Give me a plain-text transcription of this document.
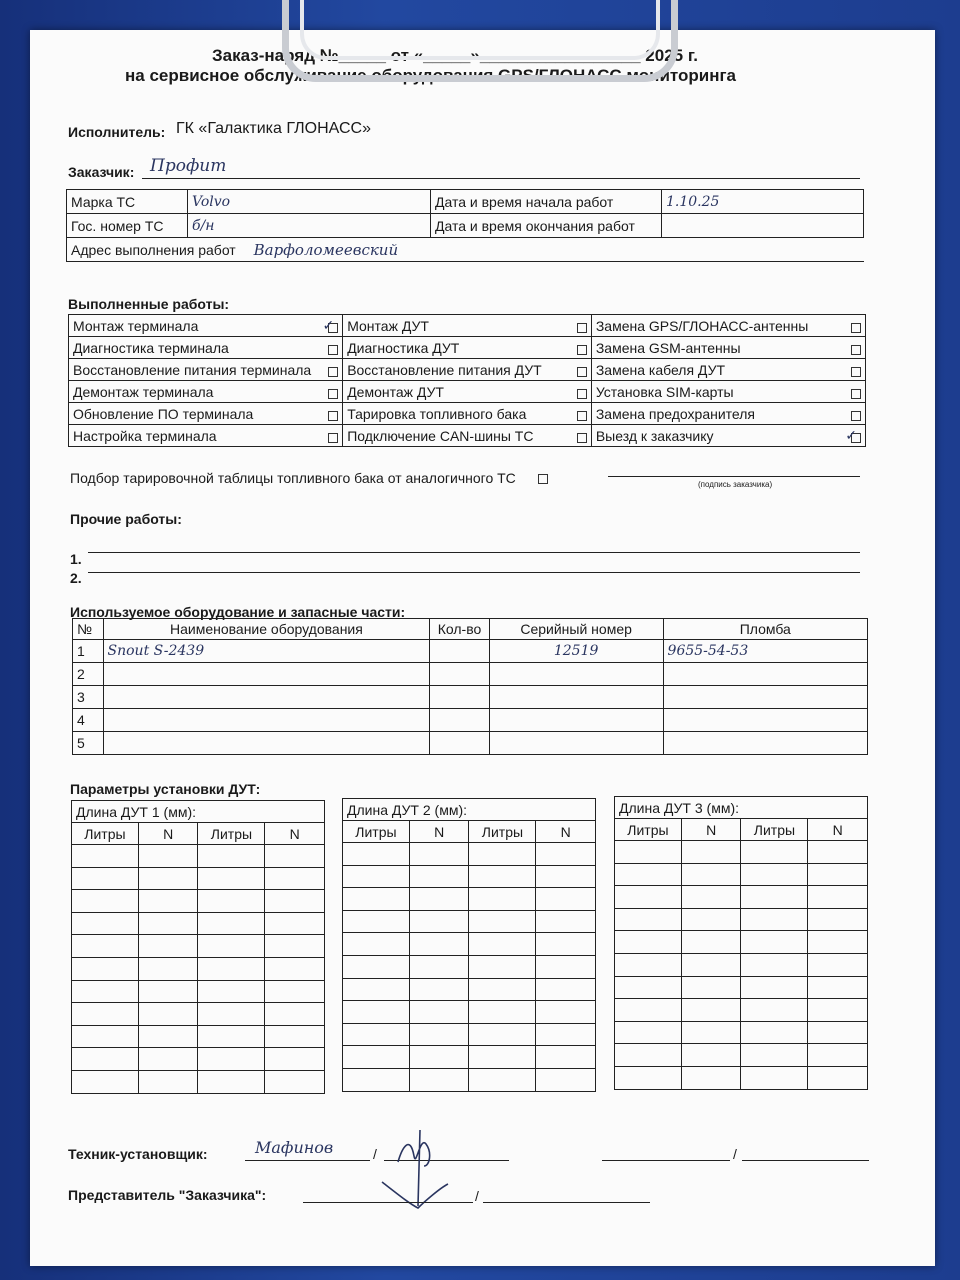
Заказ-наряд №_____ от «_____»_________________ 2025 г.
на сервисное обслуживание оборудования GPS/ГЛОНАСС мониторинга
Исполнитель: ГК «Галактика ГЛОНАСС»
Заказчик: Профит
Марка ТС	Volvo	Дата и время начала работ	1.10.25
Гос. номер ТС	б/н	Дата и время окончания работ	
Адрес выполнения работ Варфоломеевский			
Выполненные работы:
Монтаж терминала ✓	Монтаж ДУТ	Замена GPS/ГЛОНАСС-антенны

Диагностика терминала	Диагностика ДУТ	Замена GSM-антенны

Восстановление питания терминала	Восстановление питания ДУТ	Замена кабеля ДУТ

Демонтаж терминала	Демонтаж ДУТ	Установка SIM-карты

Обновление ПО терминала	Тарировка топливного бака	Замена предохранителя

Настройка терминала	Подключение CAN-шины ТС	Выезд к заказчику ✓
Подбор тарировочной таблицы топливного бака от аналогичного ТС	(подпись заказчика)
Прочие работы:
1.
2.
Используемое оборудование и запасные части:
№	Наименование оборудования	Кол-во	Серийный номер	Пломба
1	Snout S-2439		12519	9655-54-53
2				
3				
4				
5				
Параметры установки ДУТ:
Длина ДУТ 1 (мм):			
Литры	N	Литры	N

Длина ДУТ 2 (мм):			
Литры	N	Литры	N

Длина ДУТ 3 (мм):			
Литры	N	Литры	N

Техник-установщик:	Мафинов	/	/
Представитель "Заказчика":	/
